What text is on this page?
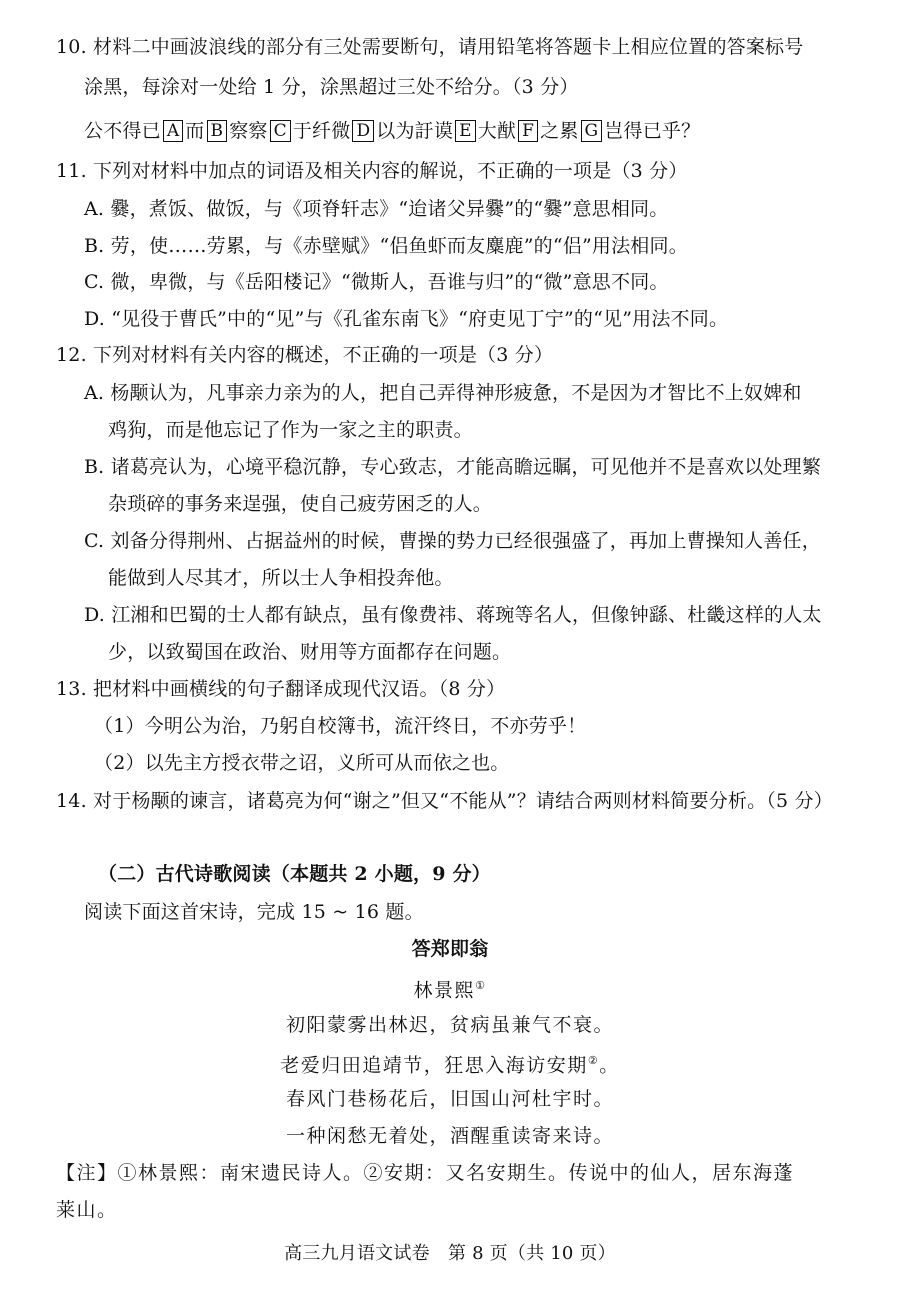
10. 材料二中画波浪线的部分有三处需要断句，请用铅笔将答题卡上相应位置的答案标号
涂黑，每涂对一处给 1 分，涂黑超过三处不给分。（3 分）
公不得已 A 而 B 察察 C 于纤微 D 以为訏谟 E 大猷 F 之累 G 岂得已乎？
11. 下列对材料中加点的词语及相关内容的解说，不正确的一项是（3 分）
A. 爨，煮饭、做饭，与《项脊轩志》“迨诸父异爨”的“爨”意思相同。
B. 劳，使……劳累，与《赤壁赋》“侣鱼虾而友麋鹿”的“侣”用法相同。
C. 微，卑微，与《岳阳楼记》“微斯人，吾谁与归”的“微”意思不同。
D. “见役于曹氏”中的“见”与《孔雀东南飞》“府吏见丁宁”的“见”用法不同。
12. 下列对材料有关内容的概述，不正确的一项是（3 分）
A. 杨颙认为，凡事亲力亲为的人，把自己弄得神形疲惫，不是因为才智比不上奴婢和
鸡狗，而是他忘记了作为一家之主的职责。
B. 诸葛亮认为，心境平稳沉静，专心致志，才能高瞻远瞩，可见他并不是喜欢以处理繁
杂琐碎的事务来逞强，使自己疲劳困乏的人。
C. 刘备分得荆州、占据益州的时候，曹操的势力已经很强盛了，再加上曹操知人善任，
能做到人尽其才，所以士人争相投奔他。
D. 江湘和巴蜀的士人都有缺点，虽有像费祎、蒋琬等名人，但像钟繇、杜畿这样的人太
少，以致蜀国在政治、财用等方面都存在问题。
13. 把材料中画横线的句子翻译成现代汉语。（8 分）
（1）今明公为治，乃躬自校簿书，流汗终日，不亦劳乎！
（2）以先主方授衣带之诏，义所可从而依之也。
14. 对于杨颙的谏言，诸葛亮为何“谢之”但又“不能从”？请结合两则材料简要分析。（5 分）
（二）古代诗歌阅读（本题共 2 小题，9 分）
阅读下面这首宋诗，完成 15 ~ 16 题。
答郑即翁
林景熙①
初阳蒙雾出林迟，贫病虽兼气不衰。
老爱归田追靖节，狂思入海访安期②。
春风门巷杨花后，旧国山河杜宇时。
一种闲愁无着处，酒醒重读寄来诗。
【注】①林景熙：南宋遗民诗人。②安期：又名安期生。传说中的仙人，居东海蓬
莱山。
高三九月语文试卷　第 8 页（共 10 页）
